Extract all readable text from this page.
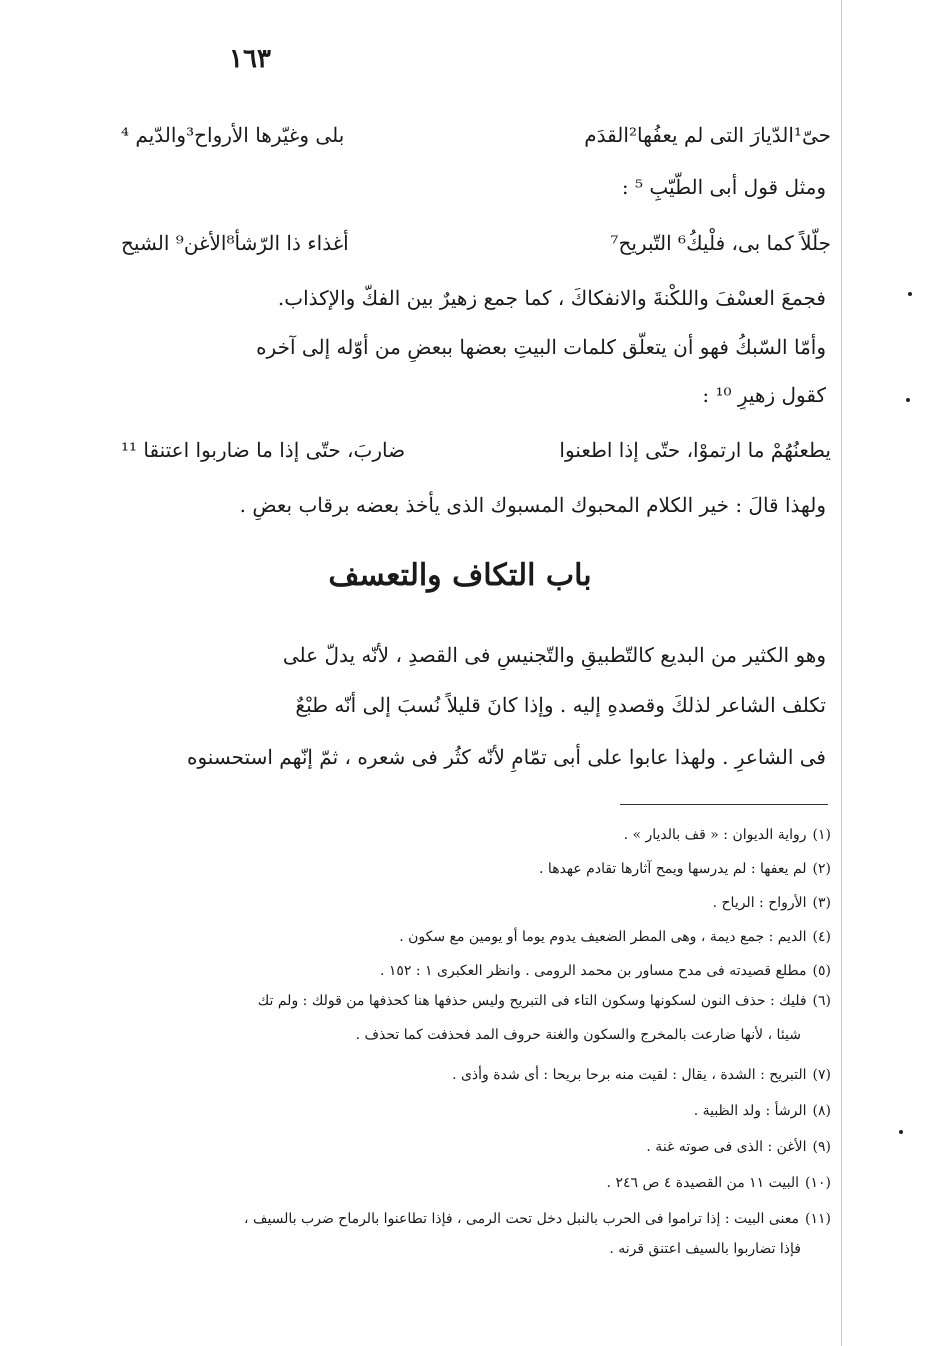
١٦٣
حىّ¹الدّيارَ التى لم يعفُها²القدَم
بلى وغيّرها الأرواح³والدّيم ⁴
ومثل قول أبى الطّيّبِ ⁵ :
جلّلاً كما بى، فلْيكُ⁶ التّبريح⁷
أغذاء ذا الرّشأ⁸الأغن⁹ الشيح
فجمعَ العسْفَ واللكْنةَ والانفكاكَ ، كما جمع زهيرٌ بين الفكّ والإكذاب.
وأمّا السّبكُ فهو أن يتعلّق كلمات البيتِ بعضها ببعضٍ من أوّله إلى آخره
كقول زهيرٍ ¹⁰ :
يطعنُهُمْ ما ارتموْا، حتّى إذا اطعنوا
ضاربَ، حتّى إذا ما ضاربوا اعتنقا ¹¹
ولهذا قالَ : خير الكلام المحبوك المسبوك الذى يأخذ بعضه برقاب بعضٍ .
باب التكاف والتعسف
وهو الكثير من البديع كالتّطبيقِ والتّجنيسِ فى القصدِ ، لأنّه يدلّ على
تكلف الشاعر لذلكَ وقصدهِ إليه . وإذا كانَ قليلاً نُسبَ إلى أنّه طبْعٌ
فى الشاعرِ . ولهذا عابوا على أبى تمّامٍ لأنّه كثُر فى شعره ، ثمّ إنّهم استحسنوه
(١)رواية الديوان : « قف بالديار » .
(٢)لم يعفها : لم يدرسها ويمح آثارها تقادم عهدها .
(٣)الأرواح : الرياح .
(٤)الديم : جمع ديمة ، وهى المطر الضعيف يدوم يوما أو يومين مع سكون .
(٥)مطلع قصيدته فى مدح مساور بن محمد الرومى . وانظر العكبرى ١ : ١٥٢ .
(٦)فليك : حذف النون لسكونها وسكون التاء فى التبريح وليس حذفها هنا كحذفها من قولك : ولم تك
شيئا ، لأنها ضارعت بالمخرج والسكون والغنة حروف المد فحذفت كما تحذف .
(٧)التبريح : الشدة ، يقال : لقيت منه برحا بريحا : أى شدة وأذى .
(٨)الرشأ : ولد الظبية .
(٩)الأغن : الذى فى صوته غنة .
(١٠)البيت ١١ من القصيدة ٤ ص ٢٤٦ .
(١١)معنى البيت : إذا تراموا فى الحرب بالنبل دخل تحت الرمى ، فإذا تطاعنوا بالرماح ضرب بالسيف ،
فإذا تضاربوا بالسيف اعتنق قرنه .
